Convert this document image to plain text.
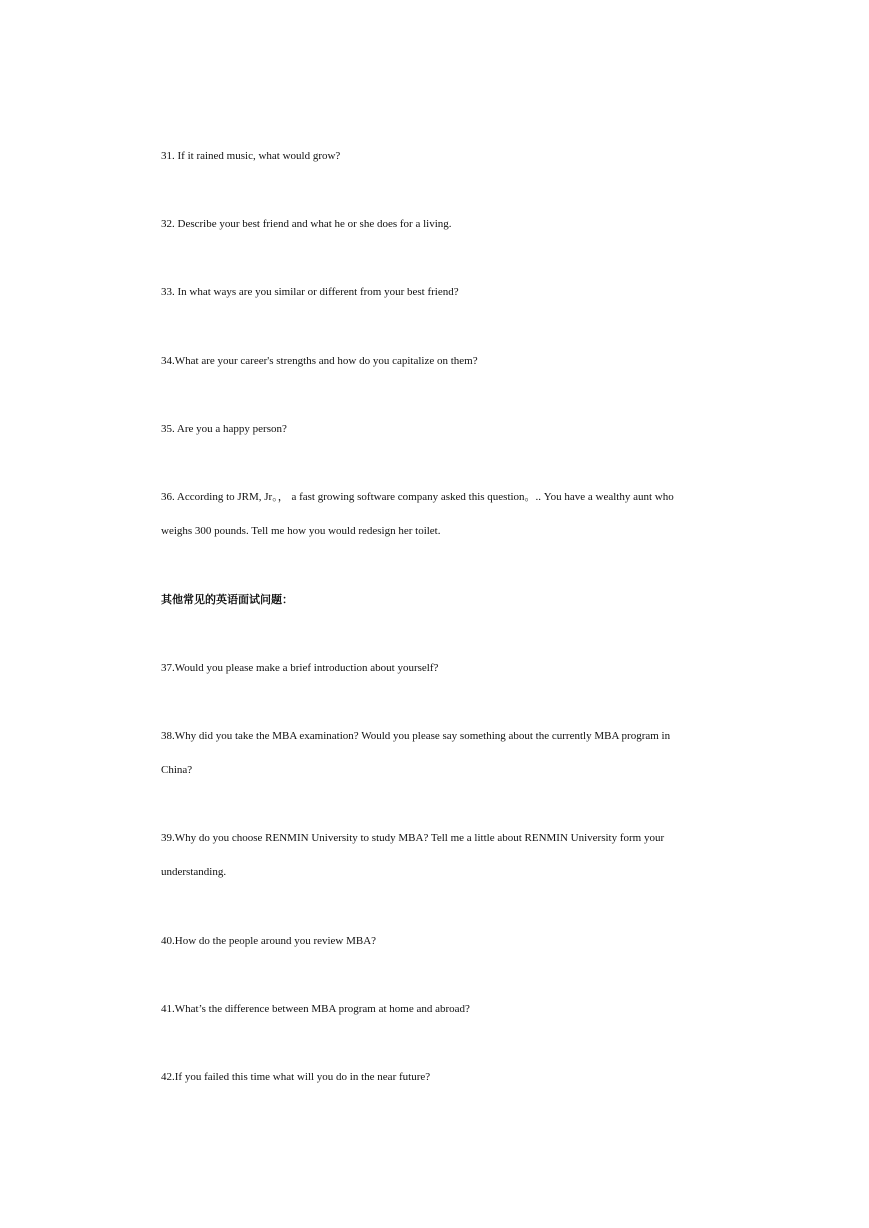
31. If it rained music, what would grow?
32. Describe your best friend and what he or she does for a living.
33. In what ways are you similar or different from your best friend?
34.What are your career's strengths and how do you capitalize on them?
35. Are you a happy person?
36. According to JRM, Jr。， a fast growing software company asked this question。.. You have a wealthy aunt who
weighs 300 pounds. Tell me how you would redesign her toilet.
其他常见的英语面试问题：
37.Would you please make a brief introduction about yourself?
38.Why did you take the MBA examination? Would you please say something about the currently MBA program in
China?
39.Why do you choose RENMIN University to study MBA? Tell me a little about RENMIN University form your
understanding.
40.How do the people around you review MBA?
41.What’s the difference between MBA program at home and abroad?
42.If you failed this time what will you do in the near future?
